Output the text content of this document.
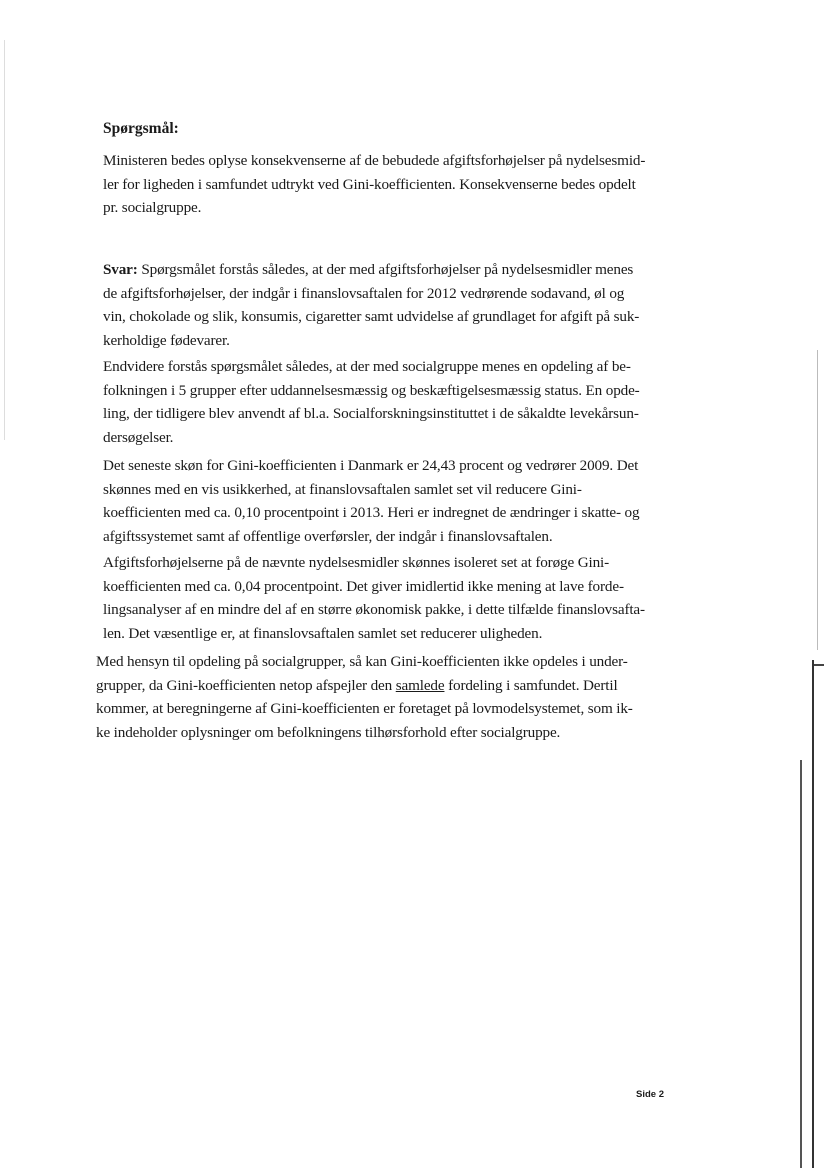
Spørgsmål:
Ministeren bedes oplyse konsekvenserne af de bebudede afgiftsforhøjelser på nydelsesmid-
ler for ligheden i samfundet udtrykt ved Gini-koefficienten. Konsekvenserne bedes opdelt
pr. socialgruppe.
Svar: Spørgsmålet forstås således, at der med afgiftsforhøjelser på nydelsesmidler menes
de afgiftsforhøjelser, der indgår i finanslovsaftalen for 2012 vedrørende sodavand, øl og
vin, chokolade og slik, konsumis, cigaretter samt udvidelse af grundlaget for afgift på suk-
kerholdige fødevarer.
Endvidere forstås spørgsmålet således, at der med socialgruppe menes en opdeling af be-
folkningen i 5 grupper efter uddannelsesmæssig og beskæftigelsesmæssig status. En opde-
ling, der tidligere blev anvendt af bl.a. Socialforskningsinstituttet i de såkaldte levekårsun-
dersøgelser.
Det seneste skøn for Gini-koefficienten i Danmark er 24,43 procent og vedrører 2009. Det
skønnes med en vis usikkerhed, at finanslovsaftalen samlet set vil reducere Gini-
koefficienten med ca. 0,10 procentpoint i 2013. Heri er indregnet de ændringer i skatte- og
afgiftssystemet samt af offentlige overførsler, der indgår i finanslovsaftalen.
Afgiftsforhøjelserne på de nævnte nydelsesmidler skønnes isoleret set at forøge Gini-
koefficienten med ca. 0,04 procentpoint. Det giver imidlertid ikke mening at lave forde-
lingsanalyser af en mindre del af en større økonomisk pakke, i dette tilfælde finanslovsafta-
len. Det væsentlige er, at finanslovsaftalen samlet set reducerer uligheden.
Med hensyn til opdeling på socialgrupper, så kan Gini-koefficienten ikke opdeles i under-
grupper, da Gini-koefficienten netop afspejler den samlede fordeling i samfundet. Dertil
kommer, at beregningerne af Gini-koefficienten er foretaget på lovmodelsystemet, som ik-
ke indeholder oplysninger om befolkningens tilhørsforhold efter socialgruppe.
Side 2
